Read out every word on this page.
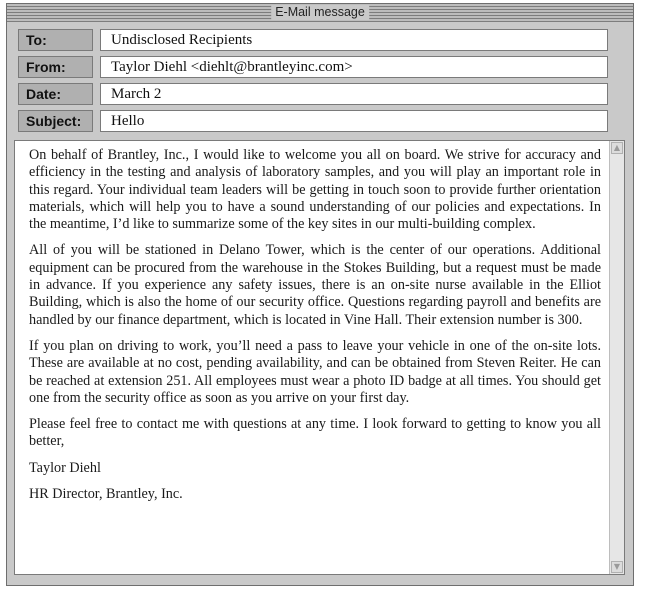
E-Mail message
To:	Undisclosed Recipients
From:	Taylor Diehl <diehlt@brantleyinc.com>
Date:	March 2
Subject:	Hello

On behalf of Brantley, Inc., I would like to welcome you all on board. We strive for accuracy and efficiency in the testing and analysis of laboratory samples, and you will play an important role in this regard. Your individual team leaders will be getting in touch soon to provide further orientation materials, which will help you to have a sound understanding of our policies and expectations. In the meantime, I’d like to summarize some of the key sites in our multi-building complex.

All of you will be stationed in Delano Tower, which is the center of our operations. Additional equipment can be procured from the warehouse in the Stokes Building, but a request must be made in advance. If you experience any safety issues, there is an on-site nurse available in the Elliot Building, which is also the home of our security office. Questions regarding payroll and benefits are handled by our finance department, which is located in Vine Hall. Their extension number is 300.

If you plan on driving to work, you’ll need a pass to leave your vehicle in one of the on-site lots. These are available at no cost, pending availability, and can be obtained from Steven Reiter. He can be reached at extension 251. All employees must wear a photo ID badge at all times. You should get one from the security office as soon as you arrive on your first day.

Please feel free to contact me with questions at any time. I look forward to getting to know you all better,

Taylor Diehl

HR Director, Brantley, Inc.

▲
▼
